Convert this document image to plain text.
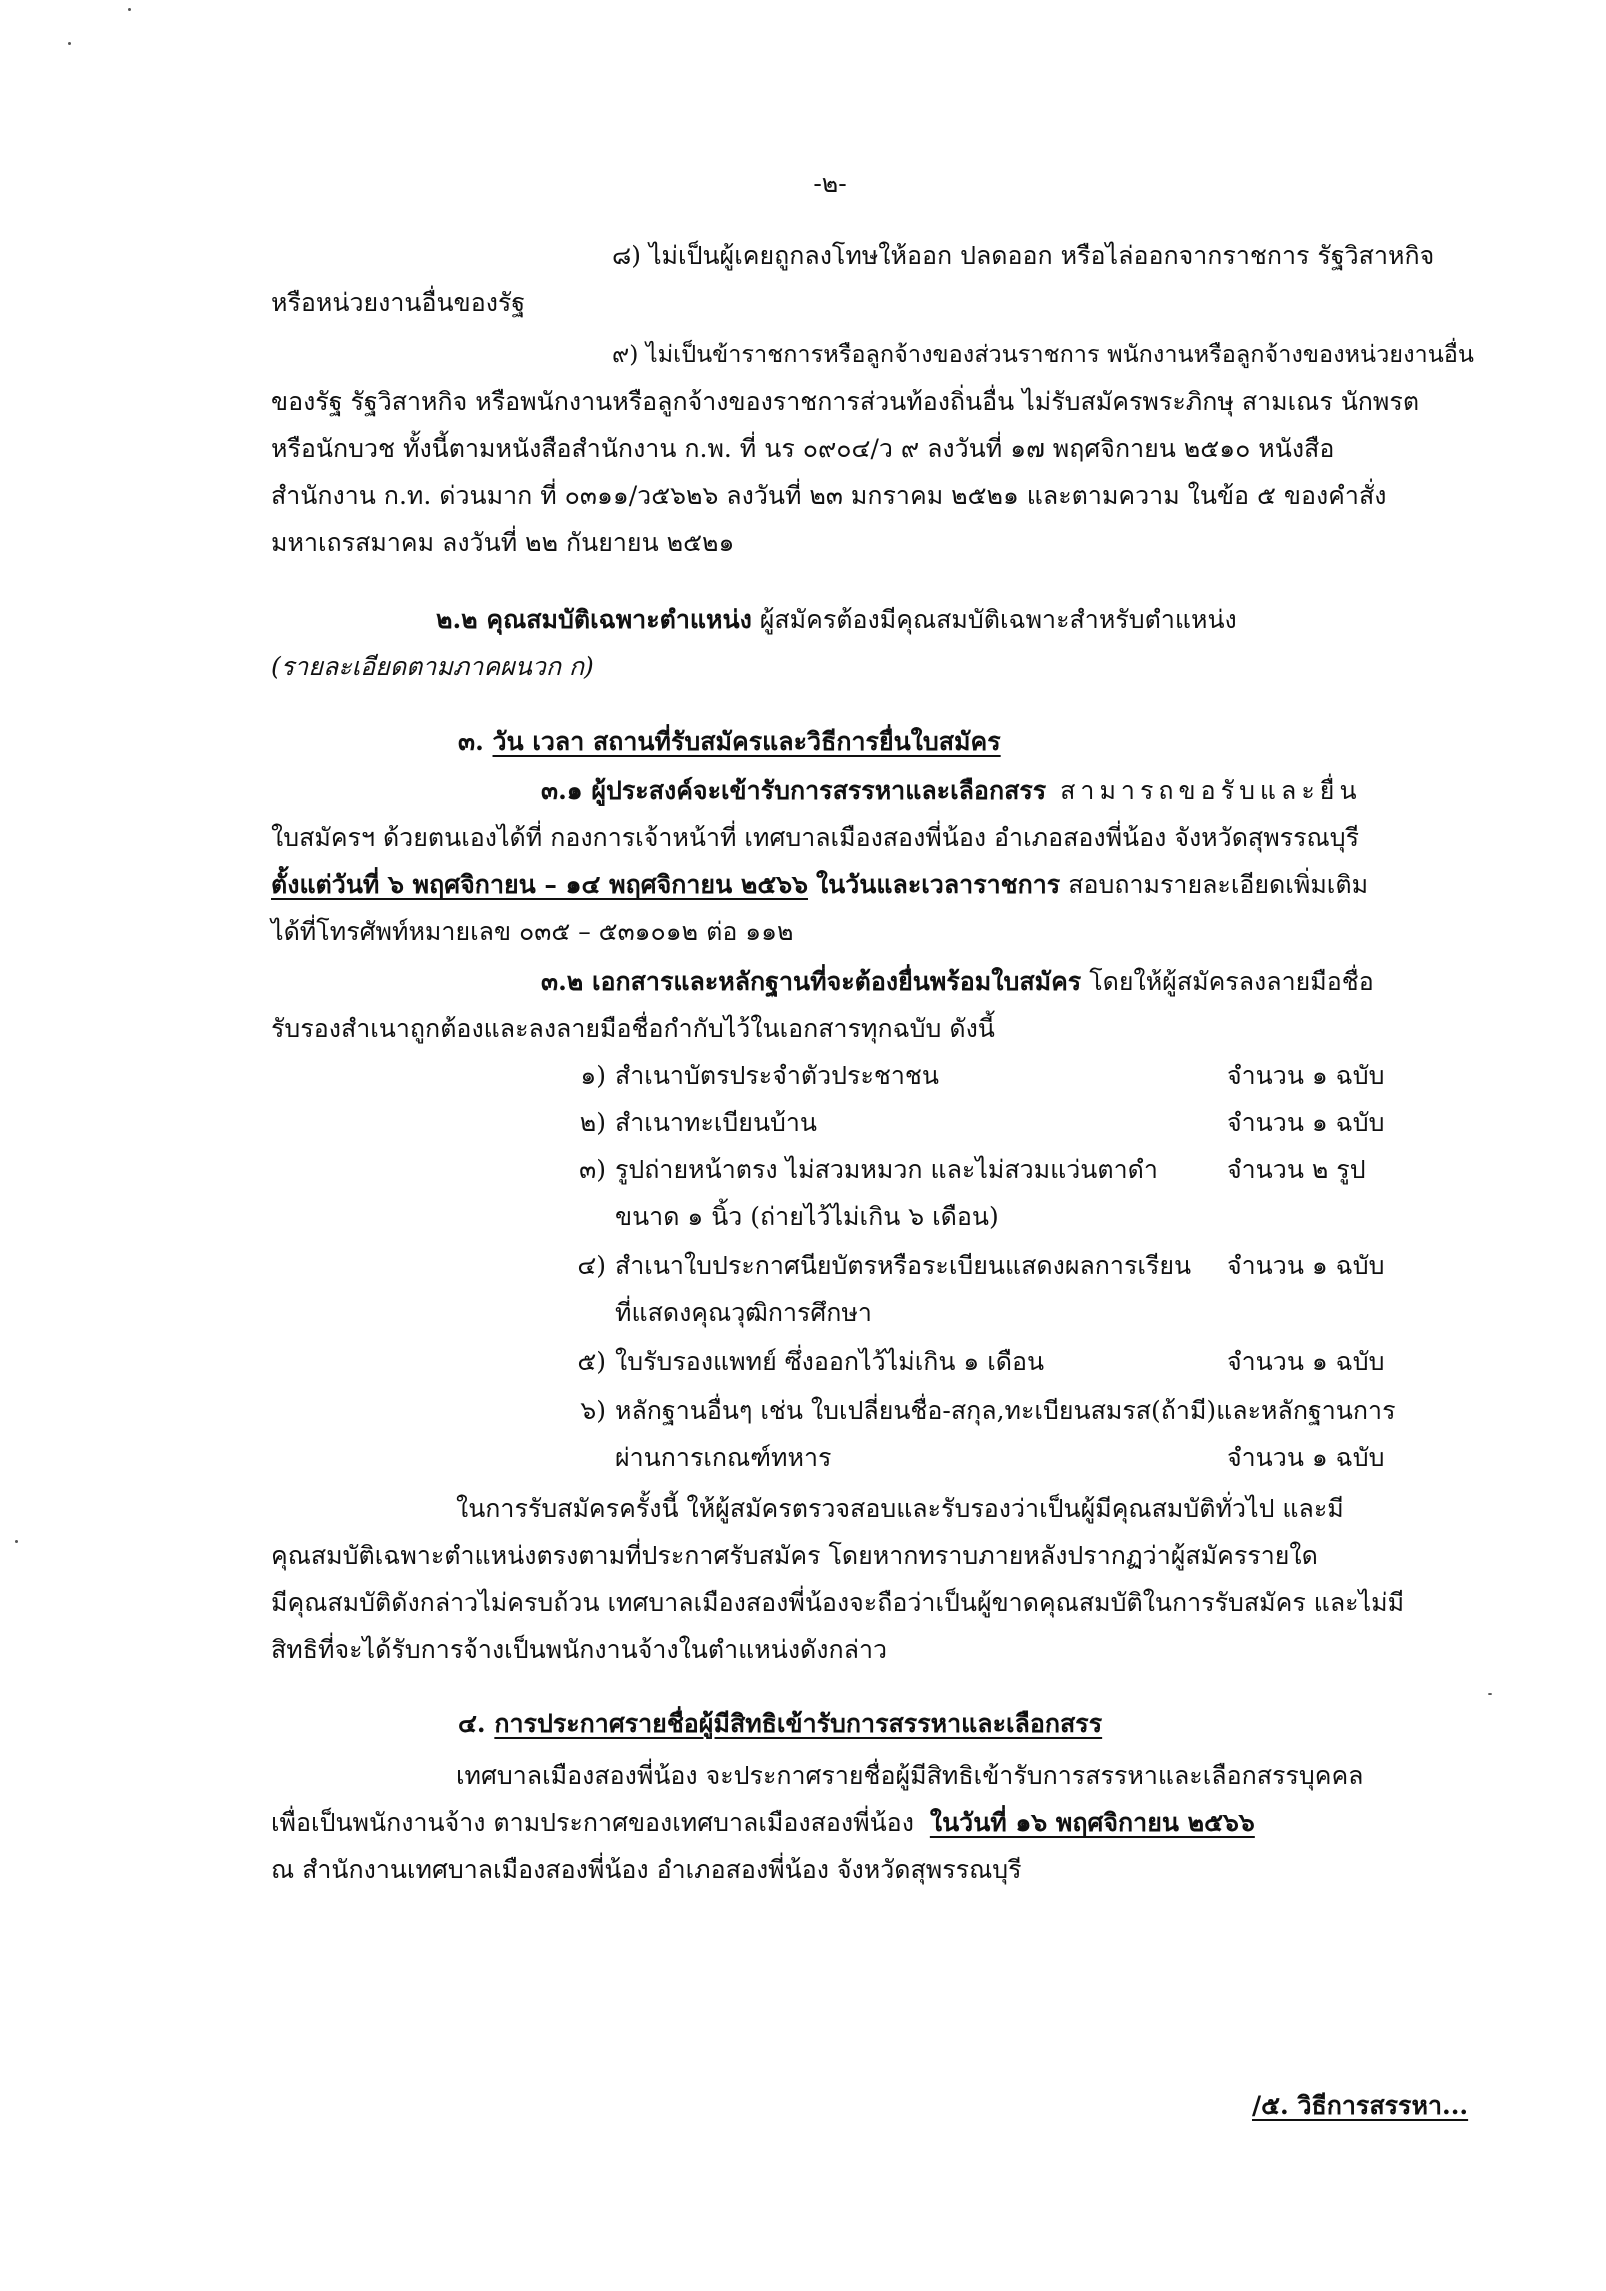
-๒-
๘) ไม่เป็นผู้เคยถูกลงโทษให้ออก ปลดออก หรือไล่ออกจากราชการ รัฐวิสาหกิจ
หรือหน่วยงานอื่นของรัฐ
๙) ไม่เป็นข้าราชการหรือลูกจ้างของส่วนราชการ พนักงานหรือลูกจ้างของหน่วยงานอื่น
ของรัฐ รัฐวิสาหกิจ หรือพนักงานหรือลูกจ้างของราชการส่วนท้องถิ่นอื่น ไม่รับสมัครพระภิกษุ สามเณร นักพรต
หรือนักบวช ทั้งนี้ตามหนังสือสำนักงาน ก.พ. ที่ นร ๐๙๐๔/ว ๙ ลงวันที่ ๑๗ พฤศจิกายน ๒๕๑๐ หนังสือ
สำนักงาน ก.ท. ด่วนมาก ที่ ๐๓๑๑/ว๕๖๒๖ ลงวันที่ ๒๓ มกราคม ๒๕๒๑ และตามความ ในข้อ ๕ ของคำสั่ง
มหาเถรสมาคม ลงวันที่ ๒๒ กันยายน ๒๕๒๑
๒.๒ คุณสมบัติเฉพาะตำแหน่ง ผู้สมัครต้องมีคุณสมบัติเฉพาะสำหรับตำแหน่ง
(รายละเอียดตามภาคผนวก ก)
๓. วัน เวลา สถานที่รับสมัครและวิธีการยื่นใบสมัคร
๓.๑ ผู้ประสงค์จะเข้ารับการสรรหาและเลือกสรร สามารถขอรับและยื่น
ใบสมัครฯ ด้วยตนเองได้ที่ กองการเจ้าหน้าที่ เทศบาลเมืองสองพี่น้อง อำเภอสองพี่น้อง จังหวัดสุพรรณบุรี
ตั้งแต่วันที่ ๖ พฤศจิกายน – ๑๔ พฤศจิกายน ๒๕๖๖ ในวันและเวลาราชการ สอบถามรายละเอียดเพิ่มเติม
ได้ที่โทรศัพท์หมายเลข ๐๓๕ – ๕๓๑๐๑๒ ต่อ ๑๑๒
๓.๒ เอกสารและหลักฐานที่จะต้องยื่นพร้อมใบสมัคร โดยให้ผู้สมัครลงลายมือชื่อ
รับรองสำเนาถูกต้องและลงลายมือชื่อกำกับไว้ในเอกสารทุกฉบับ ดังนี้
๑) สำเนาบัตรประจำตัวประชาชน	จำนวน ๑ ฉบับ
๒) สำเนาทะเบียนบ้าน	จำนวน ๑ ฉบับ
๓) รูปถ่ายหน้าตรง ไม่สวมหมวก และไม่สวมแว่นตาดำ	จำนวน ๒ รูป
ขนาด ๑ นิ้ว (ถ่ายไว้ไม่เกิน ๖ เดือน)
๔) สำเนาใบประกาศนียบัตรหรือระเบียนแสดงผลการเรียน จำนวน ๑ ฉบับ
ที่แสดงคุณวุฒิการศึกษา
๕) ใบรับรองแพทย์ ซึ่งออกไว้ไม่เกิน ๑ เดือน	จำนวน ๑ ฉบับ
๖) หลักฐานอื่นๆ เช่น ใบเปลี่ยนชื่อ-สกุล,ทะเบียนสมรส(ถ้ามี)และหลักฐานการ
ผ่านการเกณฑ์ทหาร	จำนวน ๑ ฉบับ
ในการรับสมัครครั้งนี้ ให้ผู้สมัครตรวจสอบและรับรองว่าเป็นผู้มีคุณสมบัติทั่วไป และมี
คุณสมบัติเฉพาะตำแหน่งตรงตามที่ประกาศรับสมัคร โดยหากทราบภายหลังปรากฏว่าผู้สมัครรายใด
มีคุณสมบัติดังกล่าวไม่ครบถ้วน เทศบาลเมืองสองพี่น้องจะถือว่าเป็นผู้ขาดคุณสมบัติในการรับสมัคร และไม่มี
สิทธิที่จะได้รับการจ้างเป็นพนักงานจ้างในตำแหน่งดังกล่าว
๔. การประกาศรายชื่อผู้มีสิทธิเข้ารับการสรรหาและเลือกสรร
เทศบาลเมืองสองพี่น้อง จะประกาศรายชื่อผู้มีสิทธิเข้ารับการสรรหาและเลือกสรรบุคคล
เพื่อเป็นพนักงานจ้าง ตามประกาศของเทศบาลเมืองสองพี่น้อง ในวันที่ ๑๖ พฤศจิกายน ๒๕๖๖
ณ สำนักงานเทศบาลเมืองสองพี่น้อง อำเภอสองพี่น้อง จังหวัดสุพรรณบุรี
/๕. วิธีการสรรหา...
